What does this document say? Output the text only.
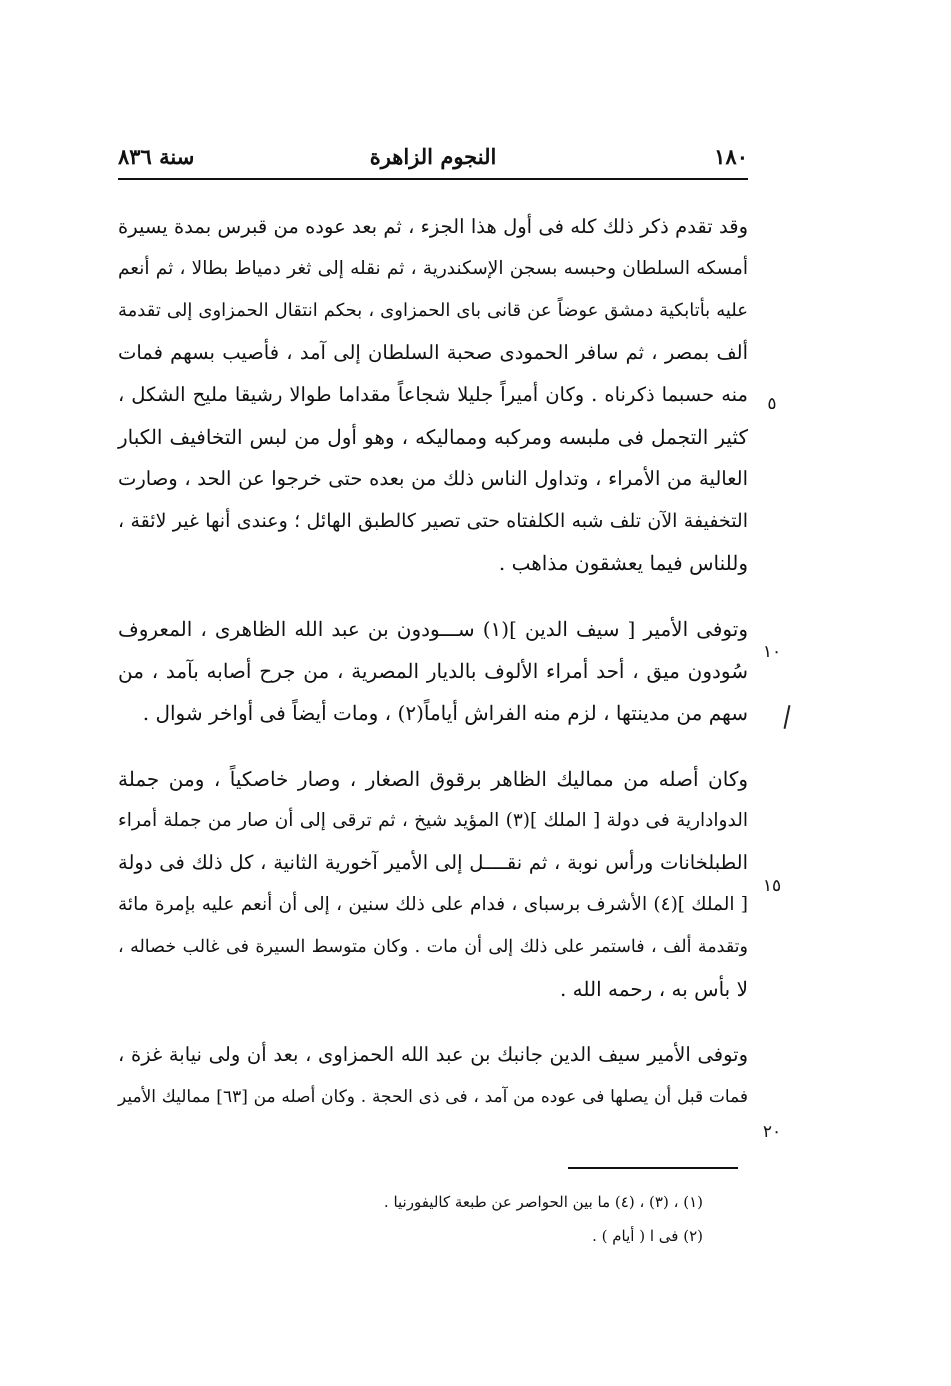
سنة ٨٣٦	النجوم الزاهرة	١٨٠
٥
١٠
١٥
٢٠
وقد تقدم ذكر ذلك كله فى أول هذا الجزء ، ثم بعد عوده من قبرس بمدة يسيرة
أمسكه السلطان وحبسه بسجن الإسكندرية ، ثم نقله إلى ثغر دمياط بطالا ، ثم أنعم
عليه بأتابكية دمشق عوضاً عن قانى باى الحمزاوى ، بحكم انتقال الحمزاوى إلى تقدمة
ألف بمصر ، ثم سافر الحمودى صحبة السلطان إلى آمد ، فأصيب بسهم فمات
منه حسبما ذكرناه . وكان أميراً جليلا شجاعاً مقداما طوالا رشيقا مليح الشكل ،
كثير التجمل فى ملبسه ومركبه ومماليكه ، وهو أول من لبس التخافيف الكبار
العالية من الأمراء ، وتداول الناس ذلك من بعده حتى خرجوا عن الحد ، وصارت
التخفيفة الآن تلف شبه الكلفتاه حتى تصير كالطبق الهائل ؛ وعندى أنها غير لائقة ،
وللناس فيما يعشقون مذاهب .
وتوفى الأمير [ سيف الدين ](١) ســـودون بن عبد الله الظاهرى ، المعروف
سُودون ميق ، أحد أمراء الألوف بالديار المصرية ، من جرح أصابه بآمد ، من
سهم من مدينتها ، لزم منه الفراش أياماً(٢) ، ومات أيضاً فى أواخر شوال .
وكان أصله من مماليك الظاهر برقوق الصغار ، وصار خاصكياً ، ومن جملة
الدوادارية فى دولة [ الملك ](٣) المؤيد شيخ ، ثم ترقى إلى أن صار من جملة أمراء
الطبلخانات ورأس نوبة ، ثم نقــــل إلى الأمير آخورية الثانية ، كل ذلك فى دولة
[ الملك ](٤) الأشرف برسباى ، فدام على ذلك سنين ، إلى أن أنعم عليه بإمرة مائة
وتقدمة ألف ، فاستمر على ذلك إلى أن مات . وكان متوسط السيرة فى غالب خصاله ،
لا بأس به ، رحمه الله .
وتوفى الأمير سيف الدين جانبك بن عبد الله الحمزاوى ، بعد أن ولى نيابة غزة ،
فمات قبل أن يصلها فى عوده من آمد ، فى ذى الحجة . وكان أصله من [٦٣] مماليك الأمير
(١) ، (٣) ، (٤) ما بين الحواصر عن طبعة كاليفورنيا .
(٢) فى ا ( أيام ) .
